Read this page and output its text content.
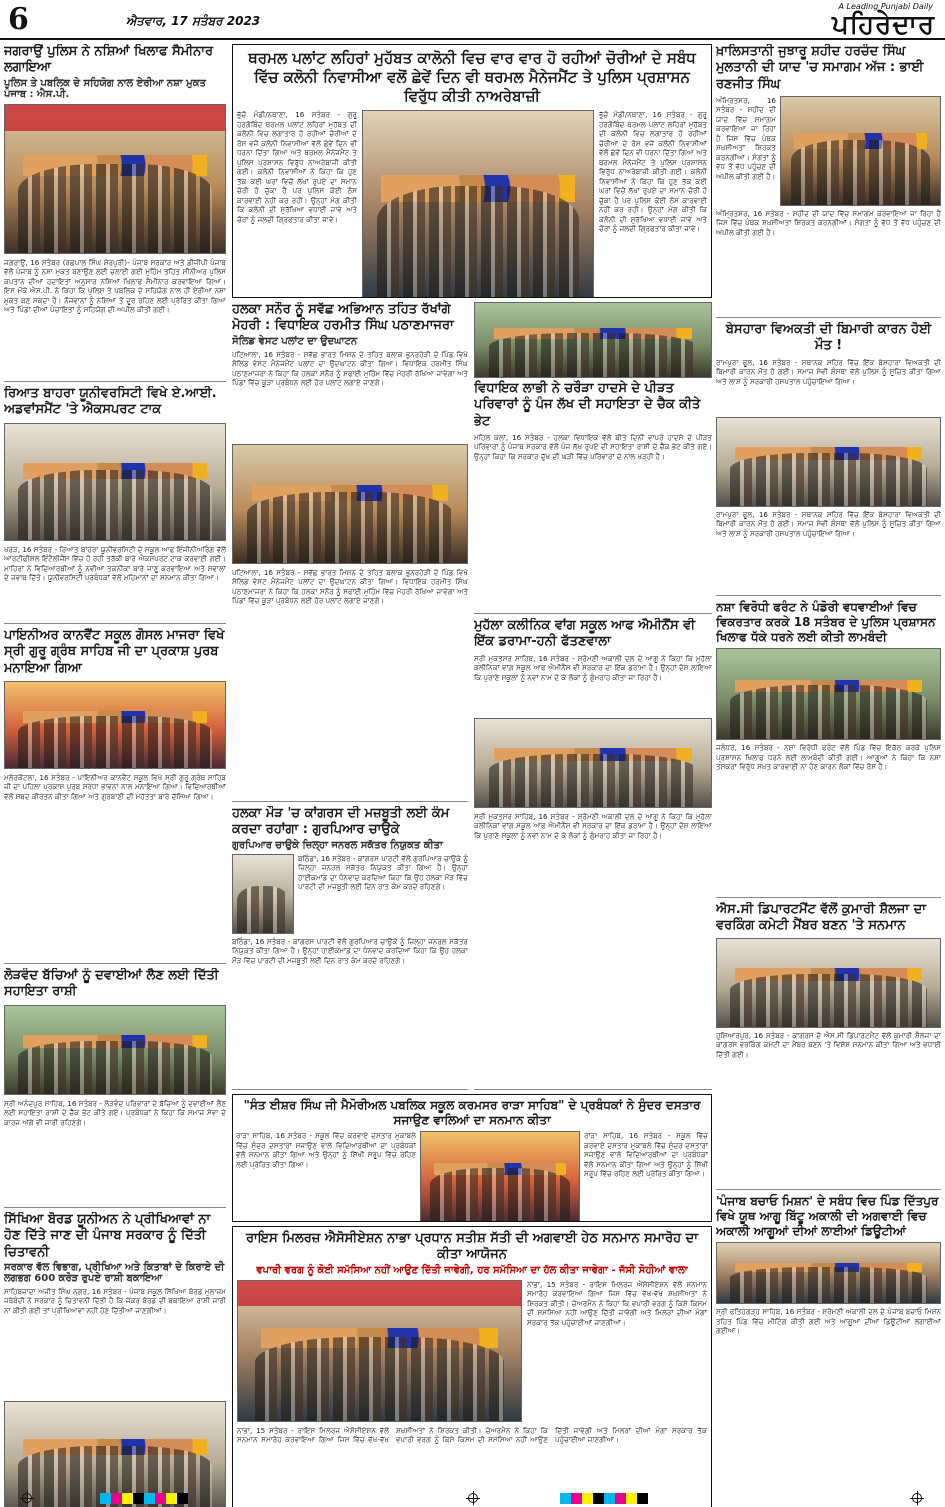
6	ਐਤਵਾਰ, 17 ਸਤੰਬਰ 2023
A Leading Punjabi Daily
ਪਹਿਰੇਦਾਰ
ਜਗਰਾਉਂ ਪੁਲਿਸ ਨੇ ਨਸ਼ਿਆਂ ਖਿਲਾਫ ਸੈਮੀਨਾਰ ਲਗਾਇਆ
ਪੁਲਿਸ ਤੇ ਪਬਲਿਕ ਦੇ ਸਹਿਯੋਗ ਨਾਲ ਏਰੀਆ ਨਸ਼ਾ ਮੁਕਤ ਪੰਜਾਬ : ਐਸ.ਪੀ.
ਜਗਰਾਉਂ, 16 ਸਤੰਬਰ (ਰਛਪਾਲ ਸਿੰਘ ਸ਼ੇਰਪੁਰੀ)- ਪੰਜਾਬ ਸਰਕਾਰ ਅਤੇ ਡੀਜੀਪੀ ਪੰਜਾਬ ਵੱਲੋਂ ਪੰਜਾਬ ਨੂੰ ਨਸ਼ਾ ਮੁਕਤ ਬਣਾਉਣ ਲਈ ਚਲਾਈ ਗਈ ਮੁਹਿੰਮ ਤਹਿਤ ਸੀਨੀਅਰ ਪੁਲਿਸ ਕਪਤਾਨ ਦੀਆਂ ਹਦਾਇਤਾਂ ਅਨੁਸਾਰ ਨਸ਼ਿਆਂ ਖਿਲਾਫ ਸੈਮੀਨਾਰ ਕਰਵਾਇਆ ਗਿਆ। ਇਸ ਮੌਕੇ ਐਸ.ਪੀ. ਨੇ ਕਿਹਾ ਕਿ ਪੁਲਿਸ ਤੇ ਪਬਲਿਕ ਦੇ ਸਹਿਯੋਗ ਨਾਲ ਹੀ ਏਰੀਆ ਨਸ਼ਾ ਮੁਕਤ ਬਣ ਸਕਦਾ ਹੈ। ਨੌਜਵਾਨਾਂ ਨੂੰ ਨਸ਼ਿਆਂ ਤੋਂ ਦੂਰ ਰਹਿਣ ਲਈ ਪ੍ਰੇਰਿਤ ਕੀਤਾ ਗਿਆ ਅਤੇ ਪਿੰਡਾਂ ਦੀਆਂ ਪੰਚਾਇਤਾਂ ਨੂੰ ਸਹਿਯੋਗ ਦੀ ਅਪੀਲ ਕੀਤੀ ਗਈ।
ਰਿਆਤ ਬਾਹਰਾ ਯੂਨੀਵਰਸਿਟੀ ਵਿਖੇ ਏ.ਆਈ. ਅਡਵਾਂਸਮੈਂਟ 'ਤੇ ਐਕਸਪਰਟ ਟਾਕ
ਖਰੜ, 16 ਸਤੰਬਰ - ਰਿਆਤ ਬਾਹਰਾ ਯੂਨੀਵਰਸਿਟੀ ਦੇ ਸਕੂਲ ਆਫ ਇੰਜੀਨੀਅਰਿੰਗ ਵੱਲੋਂ ਆਰਟੀਫੀਸ਼ਲ ਇੰਟੈਲੀਜੈਂਸ ਵਿੱਚ ਹੋ ਰਹੀ ਤਰੱਕੀ ਬਾਰੇ ਐਕਸਪਰਟ ਟਾਕ ਕਰਵਾਈ ਗਈ। ਮਾਹਿਰਾਂ ਨੇ ਵਿਦਿਆਰਥੀਆਂ ਨੂੰ ਨਵੀਆਂ ਤਕਨੀਕਾਂ ਬਾਰੇ ਜਾਣੂ ਕਰਵਾਇਆ ਅਤੇ ਸਵਾਲਾਂ ਦੇ ਜਵਾਬ ਦਿੱਤੇ। ਯੂਨੀਵਰਸਿਟੀ ਪ੍ਰਬੰਧਕਾਂ ਵੱਲੋਂ ਮਹਿਮਾਨਾਂ ਦਾ ਸਨਮਾਨ ਕੀਤਾ ਗਿਆ।
ਪਾਇਨੀਅਰ ਕਾਨਵੈਂਟ ਸਕੂਲ ਗੋਸਲ ਮਾਜਰਾ ਵਿਖੇ ਸ੍ਰੀ ਗੁਰੂ ਗ੍ਰੰਥ ਸਾਹਿਬ ਜੀ ਦਾ ਪ੍ਰਕਾਸ਼ ਪੁਰਬ ਮਨਾਇਆ ਗਿਆ
ਮਲੇਰਕੋਟਲਾ, 16 ਸਤੰਬਰ - ਪਾਇਨੀਅਰ ਕਾਨਵੈਂਟ ਸਕੂਲ ਵਿਖੇ ਸ੍ਰੀ ਗੁਰੂ ਗ੍ਰੰਥ ਸਾਹਿਬ ਜੀ ਦਾ ਪਹਿਲਾ ਪ੍ਰਕਾਸ਼ ਪੁਰਬ ਸ਼ਰਧਾ ਭਾਵਨਾ ਨਾਲ ਮਨਾਇਆ ਗਿਆ। ਵਿਦਿਆਰਥੀਆਂ ਵੱਲੋਂ ਸ਼ਬਦ ਕੀਰਤਨ ਕੀਤਾ ਗਿਆ ਅਤੇ ਗੁਰਬਾਣੀ ਦੀ ਮਹੱਤਤਾ ਬਾਰੇ ਦੱਸਿਆ ਗਿਆ।
ਲੋੜਵੰਦ ਬੱਚਿਆਂ ਨੂੰ ਦਵਾਈਆਂ ਲੈਣ ਲਈ ਦਿੱਤੀ ਸਹਾਇਤਾ ਰਾਸ਼ੀ
ਸ੍ਰੀ ਅਨੰਦਪੁਰ ਸਾਹਿਬ, 16 ਸਤੰਬਰ - ਲੋੜਵੰਦ ਪਰਿਵਾਰਾਂ ਦੇ ਬੱਚਿਆਂ ਨੂੰ ਦਵਾਈਆਂ ਲੈਣ ਲਈ ਸਹਾਇਤਾ ਰਾਸ਼ੀ ਦੇ ਚੈੱਕ ਭੇਟ ਕੀਤੇ ਗਏ। ਪ੍ਰਬੰਧਕਾਂ ਨੇ ਕਿਹਾ ਕਿ ਸਮਾਜ ਸੇਵਾ ਦੇ ਕਾਰਜ ਅੱਗੇ ਵੀ ਜਾਰੀ ਰਹਿਣਗੇ।
ਸਿੱਖਿਆ ਬੋਰਡ ਯੂਨੀਅਨ ਨੇ ਪ੍ਰੀਖਿਆਵਾਂ ਨਾ ਹੋਣ ਦਿੱਤੇ ਜਾਣ ਦੀ ਪੰਜਾਬ ਸਰਕਾਰ ਨੂੰ ਦਿੱਤੀ ਚਿਤਾਵਨੀ
ਸਰਕਾਰ ਵੱਲ ਵਿਭਾਗ, ਪ੍ਰੀਖਿਆ ਅਤੇ ਕਿਤਾਬਾਂ ਦੇ ਕਿਰਾਏ ਦੀ ਲਗਭਗ 600 ਕਰੋੜ ਰੁਪਏ ਰਾਸ਼ੀ ਬਕਾਇਆ
ਸਾਹਿਬਜ਼ਾਦਾ ਅਜੀਤ ਸਿੰਘ ਨਗਰ, 16 ਸਤੰਬਰ - ਪੰਜਾਬ ਸਕੂਲ ਸਿੱਖਿਆ ਬੋਰਡ ਮੁਲਾਜ਼ਮ ਜਥੇਬੰਦੀ ਨੇ ਸਰਕਾਰ ਨੂੰ ਚਿਤਾਵਨੀ ਦਿੱਤੀ ਹੈ ਕਿ ਜੇਕਰ ਬੋਰਡ ਦੀ ਬਕਾਇਆ ਰਾਸ਼ੀ ਜਾਰੀ ਨਾ ਕੀਤੀ ਗਈ ਤਾਂ ਪ੍ਰੀਖਿਆਵਾਂ ਨਹੀਂ ਹੋਣ ਦਿੱਤੀਆਂ ਜਾਣਗੀਆਂ।
ਥਰਮਲ ਪਲਾਂਟ ਲਹਿਰਾਂ ਮੁਹੱਬਤ ਕਾਲੋਨੀ ਵਿਚ ਵਾਰ ਵਾਰ ਹੋ ਰਹੀਆਂ ਚੋਰੀਆਂ ਦੇ ਸਬੰਧ ਵਿੱਚ ਕਲੋਨੀ ਨਿਵਾਸੀਆ ਵਲੋਂ ਛੇਵੇਂ ਦਿਨ ਵੀ ਥਰਮਲ ਮੈਨੇਜਮੈਂਟ ਤੇ ਪੁਲਿਸ ਪ੍ਰਸ਼ਾਸਨ ਵਿਰੁੱਧ ਕੀਤੀ ਨਾਅਰੇਬਾਜ਼ੀ
ਭੁੱਚੋ ਮੰਡੀ/ਨਥਾਣਾ, 16 ਸਤੰਬਰ - ਗੁਰੂ ਹਰਗੋਬਿੰਦ ਥਰਮਲ ਪਲਾਂਟ ਲਹਿਰਾਂ ਮੁਹੱਬਤ ਦੀ ਕਲੋਨੀ ਵਿਚ ਲਗਾਤਾਰ ਹੋ ਰਹੀਆਂ ਚੋਰੀਆਂ ਦੇ ਰੋਸ ਵਜੋਂ ਕਲੋਨੀ ਨਿਵਾਸੀਆਂ ਵੱਲੋਂ ਛੇਵੇਂ ਦਿਨ ਵੀ ਧਰਨਾ ਦਿੱਤਾ ਗਿਆ ਅਤੇ ਥਰਮਲ ਮੈਨੇਜਮੈਂਟ ਤੇ ਪੁਲਿਸ ਪ੍ਰਸ਼ਾਸਨ ਵਿਰੁੱਧ ਨਾਅਰੇਬਾਜ਼ੀ ਕੀਤੀ ਗਈ। ਕਲੋਨੀ ਨਿਵਾਸੀਆਂ ਨੇ ਕਿਹਾ ਕਿ ਹੁਣ ਤੱਕ ਕਈ ਘਰਾਂ ਵਿਚੋਂ ਲੱਖਾਂ ਰੁਪਏ ਦਾ ਸਮਾਨ ਚੋਰੀ ਹੋ ਚੁੱਕਾ ਹੈ ਪਰ ਪੁਲਿਸ ਕੋਈ ਠੋਸ ਕਾਰਵਾਈ ਨਹੀਂ ਕਰ ਰਹੀ। ਉਨ੍ਹਾਂ ਮੰਗ ਕੀਤੀ ਕਿ ਕਲੋਨੀ ਦੀ ਸੁਰੱਖਿਆ ਵਧਾਈ ਜਾਵੇ ਅਤੇ ਚੋਰਾਂ ਨੂੰ ਜਲਦੀ ਗ੍ਰਿਫਤਾਰ ਕੀਤਾ ਜਾਵੇ।
ਭੁੱਚੋ ਮੰਡੀ/ਨਥਾਣਾ, 16 ਸਤੰਬਰ - ਗੁਰੂ ਹਰਗੋਬਿੰਦ ਥਰਮਲ ਪਲਾਂਟ ਲਹਿਰਾਂ ਮੁਹੱਬਤ ਦੀ ਕਲੋਨੀ ਵਿਚ ਲਗਾਤਾਰ ਹੋ ਰਹੀਆਂ ਚੋਰੀਆਂ ਦੇ ਰੋਸ ਵਜੋਂ ਕਲੋਨੀ ਨਿਵਾਸੀਆਂ ਵੱਲੋਂ ਛੇਵੇਂ ਦਿਨ ਵੀ ਧਰਨਾ ਦਿੱਤਾ ਗਿਆ ਅਤੇ ਥਰਮਲ ਮੈਨੇਜਮੈਂਟ ਤੇ ਪੁਲਿਸ ਪ੍ਰਸ਼ਾਸਨ ਵਿਰੁੱਧ ਨਾਅਰੇਬਾਜ਼ੀ ਕੀਤੀ ਗਈ। ਕਲੋਨੀ ਨਿਵਾਸੀਆਂ ਨੇ ਕਿਹਾ ਕਿ ਹੁਣ ਤੱਕ ਕਈ ਘਰਾਂ ਵਿਚੋਂ ਲੱਖਾਂ ਰੁਪਏ ਦਾ ਸਮਾਨ ਚੋਰੀ ਹੋ ਚੁੱਕਾ ਹੈ ਪਰ ਪੁਲਿਸ ਕੋਈ ਠੋਸ ਕਾਰਵਾਈ ਨਹੀਂ ਕਰ ਰਹੀ। ਉਨ੍ਹਾਂ ਮੰਗ ਕੀਤੀ ਕਿ ਕਲੋਨੀ ਦੀ ਸੁਰੱਖਿਆ ਵਧਾਈ ਜਾਵੇ ਅਤੇ ਚੋਰਾਂ ਨੂੰ ਜਲਦੀ ਗ੍ਰਿਫਤਾਰ ਕੀਤਾ ਜਾਵੇ।
ਹਲਕਾ ਸਨੌਰ ਨੂੰ ਸਵੱਛ ਅਭਿਆਨ ਤਹਿਤ ਰੱਖਾਂਗੇ ਮੋਹਰੀ : ਵਿਧਾਇਕ ਹਰਮੀਤ ਸਿੰਘ ਪਠਾਣਮਾਜਰਾ
ਸੋਲਿਡ ਵੇਸਟ ਪਲਾਂਟ ਦਾ ਉਦਘਾਟਨ
ਪਟਿਆਲਾ, 16 ਸਤੰਬਰ - ਸਵੱਛ ਭਾਰਤ ਮਿਸ਼ਨ ਦੇ ਤਹਿਤ ਬਲਾਕ ਭੁਨਰਹੇੜੀ ਦੇ ਪਿੰਡ ਵਿਖੇ ਸੋਲਿਡ ਵੇਸਟ ਮੈਨੇਜਮੈਂਟ ਪਲਾਂਟ ਦਾ ਉਦਘਾਟਨ ਕੀਤਾ ਗਿਆ। ਵਿਧਾਇਕ ਹਰਮੀਤ ਸਿੰਘ ਪਠਾਣਮਾਜਰਾ ਨੇ ਕਿਹਾ ਕਿ ਹਲਕਾ ਸਨੌਰ ਨੂੰ ਸਫਾਈ ਮੁਹਿੰਮ ਵਿੱਚ ਮੋਹਰੀ ਰੱਖਿਆ ਜਾਵੇਗਾ ਅਤੇ ਪਿੰਡਾਂ ਵਿੱਚ ਕੂੜਾ ਪ੍ਰਬੰਧਨ ਲਈ ਹੋਰ ਪਲਾਂਟ ਲਗਾਏ ਜਾਣਗੇ।
ਪਟਿਆਲਾ, 16 ਸਤੰਬਰ - ਸਵੱਛ ਭਾਰਤ ਮਿਸ਼ਨ ਦੇ ਤਹਿਤ ਬਲਾਕ ਭੁਨਰਹੇੜੀ ਦੇ ਪਿੰਡ ਵਿਖੇ ਸੋਲਿਡ ਵੇਸਟ ਮੈਨੇਜਮੈਂਟ ਪਲਾਂਟ ਦਾ ਉਦਘਾਟਨ ਕੀਤਾ ਗਿਆ। ਵਿਧਾਇਕ ਹਰਮੀਤ ਸਿੰਘ ਪਠਾਣਮਾਜਰਾ ਨੇ ਕਿਹਾ ਕਿ ਹਲਕਾ ਸਨੌਰ ਨੂੰ ਸਫਾਈ ਮੁਹਿੰਮ ਵਿੱਚ ਮੋਹਰੀ ਰੱਖਿਆ ਜਾਵੇਗਾ ਅਤੇ ਪਿੰਡਾਂ ਵਿੱਚ ਕੂੜਾ ਪ੍ਰਬੰਧਨ ਲਈ ਹੋਰ ਪਲਾਂਟ ਲਗਾਏ ਜਾਣਗੇ।
ਵਿਧਾਇਕ ਲਾਭੀ ਨੇ ਚਰੌੜਾ ਹਾਦਸੇ ਦੇ ਪੀੜਤ ਪਰਿਵਾਰਾਂ ਨੂੰ ਪੰਜ ਲੱਖ ਦੀ ਸਹਾਇਤਾ ਦੇ ਚੈਕ ਕੀਤੇ ਭੇਟ
ਮਹਿਲ ਕਲਾਂ, 16 ਸਤੰਬਰ - ਹਲਕਾ ਵਿਧਾਇਕ ਵੱਲੋਂ ਬੀਤੇ ਦਿਨੀਂ ਵਾਪਰੇ ਹਾਦਸੇ ਦੇ ਪੀੜਤ ਪਰਿਵਾਰਾਂ ਨੂੰ ਪੰਜਾਬ ਸਰਕਾਰ ਵੱਲੋਂ ਪੰਜ ਲੱਖ ਰੁਪਏ ਦੀ ਸਹਾਇਤਾ ਰਾਸ਼ੀ ਦੇ ਚੈੱਕ ਭੇਟ ਕੀਤੇ ਗਏ। ਉਨ੍ਹਾਂ ਕਿਹਾ ਕਿ ਸਰਕਾਰ ਦੁੱਖ ਦੀ ਘੜੀ ਵਿੱਚ ਪਰਿਵਾਰਾਂ ਦੇ ਨਾਲ ਖੜ੍ਹੀ ਹੈ।
ਮੁਹੱਲਾ ਕਲੀਨਿਕ ਵਾਂਗ ਸਕੂਲ ਆਫ ਐਮੀਨੈਂਸ ਵੀ ਇੱਕ ਡਰਾਮਾ-ਹਨੀ ਫੱਤਣਵਾਲਾ
ਸ੍ਰੀ ਮੁਕਤਸਰ ਸਾਹਿਬ, 16 ਸਤੰਬਰ - ਸ਼੍ਰੋਮਣੀ ਅਕਾਲੀ ਦਲ ਦੇ ਆਗੂ ਨੇ ਕਿਹਾ ਕਿ ਮੁਹੱਲਾ ਕਲੀਨਿਕਾਂ ਵਾਂਗ ਸਕੂਲ ਆਫ ਐਮੀਨੈਂਸ ਵੀ ਸਰਕਾਰ ਦਾ ਇੱਕ ਡਰਾਮਾ ਹੈ। ਉਨ੍ਹਾਂ ਦੋਸ਼ ਲਾਇਆ ਕਿ ਪੁਰਾਣੇ ਸਕੂਲਾਂ ਨੂੰ ਨਵਾਂ ਨਾਮ ਦੇ ਕੇ ਲੋਕਾਂ ਨੂੰ ਗੁੰਮਰਾਹ ਕੀਤਾ ਜਾ ਰਿਹਾ ਹੈ।
ਸ੍ਰੀ ਮੁਕਤਸਰ ਸਾਹਿਬ, 16 ਸਤੰਬਰ - ਸ਼੍ਰੋਮਣੀ ਅਕਾਲੀ ਦਲ ਦੇ ਆਗੂ ਨੇ ਕਿਹਾ ਕਿ ਮੁਹੱਲਾ ਕਲੀਨਿਕਾਂ ਵਾਂਗ ਸਕੂਲ ਆਫ ਐਮੀਨੈਂਸ ਵੀ ਸਰਕਾਰ ਦਾ ਇੱਕ ਡਰਾਮਾ ਹੈ। ਉਨ੍ਹਾਂ ਦੋਸ਼ ਲਾਇਆ ਕਿ ਪੁਰਾਣੇ ਸਕੂਲਾਂ ਨੂੰ ਨਵਾਂ ਨਾਮ ਦੇ ਕੇ ਲੋਕਾਂ ਨੂੰ ਗੁੰਮਰਾਹ ਕੀਤਾ ਜਾ ਰਿਹਾ ਹੈ।
ਹਲਕਾ ਮੌੜ 'ਚ ਕਾਂਗਰਸ ਦੀ ਮਜ਼ਬੂਤੀ ਲਈ ਕੰਮ ਕਰਦਾ ਰਹਾਂਗਾ : ਗੁਰਪਿਆਰ ਚਾਉਕੇ
ਗੁਰਪਿਆਰ ਚਾਉਕੇ ਜ਼ਿਲ੍ਹਾ ਜਨਰਲ ਸਕੱਤਰ ਨਿਯੁਕਤ ਕੀਤਾ
ਬਠਿੰਡਾ, 16 ਸਤੰਬਰ - ਕਾਂਗਰਸ ਪਾਰਟੀ ਵੱਲੋਂ ਗੁਰਪਿਆਰ ਚਾਉਕੇ ਨੂੰ ਜ਼ਿਲ੍ਹਾ ਜਨਰਲ ਸਕੱਤਰ ਨਿਯੁਕਤ ਕੀਤਾ ਗਿਆ ਹੈ। ਉਨ੍ਹਾਂ ਹਾਈਕਮਾਂਡ ਦਾ ਧੰਨਵਾਦ ਕਰਦਿਆਂ ਕਿਹਾ ਕਿ ਉਹ ਹਲਕਾ ਮੌੜ ਵਿੱਚ ਪਾਰਟੀ ਦੀ ਮਜ਼ਬੂਤੀ ਲਈ ਦਿਨ ਰਾਤ ਕੰਮ ਕਰਦੇ ਰਹਿਣਗੇ।
ਬਠਿੰਡਾ, 16 ਸਤੰਬਰ - ਕਾਂਗਰਸ ਪਾਰਟੀ ਵੱਲੋਂ ਗੁਰਪਿਆਰ ਚਾਉਕੇ ਨੂੰ ਜ਼ਿਲ੍ਹਾ ਜਨਰਲ ਸਕੱਤਰ ਨਿਯੁਕਤ ਕੀਤਾ ਗਿਆ ਹੈ। ਉਨ੍ਹਾਂ ਹਾਈਕਮਾਂਡ ਦਾ ਧੰਨਵਾਦ ਕਰਦਿਆਂ ਕਿਹਾ ਕਿ ਉਹ ਹਲਕਾ ਮੌੜ ਵਿੱਚ ਪਾਰਟੀ ਦੀ ਮਜ਼ਬੂਤੀ ਲਈ ਦਿਨ ਰਾਤ ਕੰਮ ਕਰਦੇ ਰਹਿਣਗੇ।
"ਸੰਤ ਈਸ਼ਰ ਸਿੰਘ ਜੀ ਮੈਮੋਰੀਅਲ ਪਬਲਿਕ ਸਕੂਲ ਕਰਮਸਰ ਰਾੜਾ ਸਾਹਿਬ" ਦੇ ਪ੍ਰਬੰਧਕਾਂ ਨੇ ਸੁੰਦਰ ਦਸਤਾਰ ਸਜਾਉਣ ਵਾਲਿਆਂ ਦਾ ਸਨਮਾਨ ਕੀਤਾ
ਰਾੜਾ ਸਾਹਿਬ, 16 ਸਤੰਬਰ - ਸਕੂਲ ਵਿੱਚ ਕਰਵਾਏ ਦਸਤਾਰ ਮੁਕਾਬਲੇ ਵਿੱਚ ਸੁੰਦਰ ਦਸਤਾਰਾਂ ਸਜਾਉਣ ਵਾਲੇ ਵਿਦਿਆਰਥੀਆਂ ਦਾ ਪ੍ਰਬੰਧਕਾਂ ਵੱਲੋਂ ਸਨਮਾਨ ਕੀਤਾ ਗਿਆ ਅਤੇ ਉਨ੍ਹਾਂ ਨੂੰ ਸਿੱਖੀ ਸਰੂਪ ਵਿੱਚ ਰਹਿਣ ਲਈ ਪ੍ਰੇਰਿਤ ਕੀਤਾ ਗਿਆ।
ਰਾੜਾ ਸਾਹਿਬ, 16 ਸਤੰਬਰ - ਸਕੂਲ ਵਿੱਚ ਕਰਵਾਏ ਦਸਤਾਰ ਮੁਕਾਬਲੇ ਵਿੱਚ ਸੁੰਦਰ ਦਸਤਾਰਾਂ ਸਜਾਉਣ ਵਾਲੇ ਵਿਦਿਆਰਥੀਆਂ ਦਾ ਪ੍ਰਬੰਧਕਾਂ ਵੱਲੋਂ ਸਨਮਾਨ ਕੀਤਾ ਗਿਆ ਅਤੇ ਉਨ੍ਹਾਂ ਨੂੰ ਸਿੱਖੀ ਸਰੂਪ ਵਿੱਚ ਰਹਿਣ ਲਈ ਪ੍ਰੇਰਿਤ ਕੀਤਾ ਗਿਆ।
ਰਾਇਸ ਮਿਲਰਜ਼ ਐਸੋਸੀਏਸ਼ਨ ਨਾਭਾ ਪ੍ਰਧਾਨ ਸਤੀਸ਼ ਸੱਤੀ ਦੀ ਅਗਵਾਈ ਹੇਠ ਸਨਮਾਨ ਸਮਾਰੋਹ ਦਾ ਕੀਤਾ ਆਯੋਜਨ
ਵਪਾਰੀ ਵਰਗ ਨੂੰ ਕੋਈ ਸਮੱਸਿਆ ਨਹੀਂ ਆਉਣ ਦਿੱਤੀ ਜਾਵੇਗੀ, ਹਰ ਸਮੱਸਿਆ ਦਾ ਹੱਲ ਕੀਤਾ ਜਾਵੇਗਾ - ਜੱਸੀ ਸੋਹੀਆਂ ਵਾਲਾ
ਨਾਭਾ, 15 ਸਤੰਬਰ - ਰਾਇਸ ਮਿਲਰਜ਼ ਐਸੋਸੀਏਸ਼ਨ ਵੱਲੋਂ ਸਨਮਾਨ ਸਮਾਰੋਹ ਕਰਵਾਇਆ ਗਿਆ ਜਿਸ ਵਿੱਚ ਵੱਖ-ਵੱਖ ਸ਼ਖ਼ਸੀਅਤਾਂ ਨੇ ਸ਼ਿਰਕਤ ਕੀਤੀ। ਚੇਅਰਮੈਨ ਨੇ ਕਿਹਾ ਕਿ ਵਪਾਰੀ ਵਰਗ ਨੂੰ ਕਿਸੇ ਕਿਸਮ ਦੀ ਸਮੱਸਿਆ ਨਹੀਂ ਆਉਣ ਦਿੱਤੀ ਜਾਵੇਗੀ ਅਤੇ ਮਿਲਰਾਂ ਦੀਆਂ ਮੰਗਾਂ ਸਰਕਾਰ ਤੱਕ ਪਹੁੰਚਾਈਆਂ ਜਾਣਗੀਆਂ।
ਨਾਭਾ, 15 ਸਤੰਬਰ - ਰਾਇਸ ਮਿਲਰਜ਼ ਐਸੋਸੀਏਸ਼ਨ ਵੱਲੋਂ ਸਨਮਾਨ ਸਮਾਰੋਹ ਕਰਵਾਇਆ ਗਿਆ ਜਿਸ ਵਿੱਚ ਵੱਖ-ਵੱਖ ਸ਼ਖ਼ਸੀਅਤਾਂ ਨੇ ਸ਼ਿਰਕਤ ਕੀਤੀ। ਚੇਅਰਮੈਨ ਨੇ ਕਿਹਾ ਕਿ ਵਪਾਰੀ ਵਰਗ ਨੂੰ ਕਿਸੇ ਕਿਸਮ ਦੀ ਸਮੱਸਿਆ ਨਹੀਂ ਆਉਣ ਦਿੱਤੀ ਜਾਵੇਗੀ ਅਤੇ ਮਿਲਰਾਂ ਦੀਆਂ ਮੰਗਾਂ ਸਰਕਾਰ ਤੱਕ ਪਹੁੰਚਾਈਆਂ ਜਾਣਗੀਆਂ।
ਖ਼ਾਲਿਸਤਾਨੀ ਜੁਝਾਰੂ ਸ਼ਹੀਦ ਹਰਚੰਦ ਸਿੰਘ ਮੁਲਤਾਨੀ ਦੀ ਯਾਦ 'ਚ ਸਮਾਗਮ ਅੱਜ : ਭਾਈ ਰਣਜੀਤ ਸਿੰਘ
ਅੰਮ੍ਰਿਤਸਰ, 16 ਸਤੰਬਰ - ਸ਼ਹੀਦ ਦੀ ਯਾਦ ਵਿੱਚ ਸਮਾਗਮ ਕਰਵਾਇਆ ਜਾ ਰਿਹਾ ਹੈ ਜਿਸ ਵਿੱਚ ਪੰਥਕ ਸ਼ਖ਼ਸੀਅਤਾਂ ਸ਼ਿਰਕਤ ਕਰਨਗੀਆਂ। ਸੰਗਤਾਂ ਨੂੰ ਵੱਧ ਤੋਂ ਵੱਧ ਪਹੁੰਚਣ ਦੀ ਅਪੀਲ ਕੀਤੀ ਗਈ ਹੈ।
ਅੰਮ੍ਰਿਤਸਰ, 16 ਸਤੰਬਰ - ਸ਼ਹੀਦ ਦੀ ਯਾਦ ਵਿੱਚ ਸਮਾਗਮ ਕਰਵਾਇਆ ਜਾ ਰਿਹਾ ਹੈ ਜਿਸ ਵਿੱਚ ਪੰਥਕ ਸ਼ਖ਼ਸੀਅਤਾਂ ਸ਼ਿਰਕਤ ਕਰਨਗੀਆਂ। ਸੰਗਤਾਂ ਨੂੰ ਵੱਧ ਤੋਂ ਵੱਧ ਪਹੁੰਚਣ ਦੀ ਅਪੀਲ ਕੀਤੀ ਗਈ ਹੈ।
ਬੇਸਹਾਰਾ ਵਿਅਕਤੀ ਦੀ ਬਿਮਾਰੀ ਕਾਰਨ ਹੋਈ ਮੌਤ !
ਰਾਮਪੁਰਾ ਫੂਲ, 16 ਸਤੰਬਰ - ਸਥਾਨਕ ਸ਼ਹਿਰ ਵਿੱਚ ਇੱਕ ਬੇਸਹਾਰਾ ਵਿਅਕਤੀ ਦੀ ਬਿਮਾਰੀ ਕਾਰਨ ਮੌਤ ਹੋ ਗਈ। ਸਮਾਜ ਸੇਵੀ ਸੰਸਥਾ ਵੱਲੋਂ ਪੁਲਿਸ ਨੂੰ ਸੂਚਿਤ ਕੀਤਾ ਗਿਆ ਅਤੇ ਲਾਸ਼ ਨੂੰ ਸਰਕਾਰੀ ਹਸਪਤਾਲ ਪਹੁੰਚਾਇਆ ਗਿਆ।
ਰਾਮਪੁਰਾ ਫੂਲ, 16 ਸਤੰਬਰ - ਸਥਾਨਕ ਸ਼ਹਿਰ ਵਿੱਚ ਇੱਕ ਬੇਸਹਾਰਾ ਵਿਅਕਤੀ ਦੀ ਬਿਮਾਰੀ ਕਾਰਨ ਮੌਤ ਹੋ ਗਈ। ਸਮਾਜ ਸੇਵੀ ਸੰਸਥਾ ਵੱਲੋਂ ਪੁਲਿਸ ਨੂੰ ਸੂਚਿਤ ਕੀਤਾ ਗਿਆ ਅਤੇ ਲਾਸ਼ ਨੂੰ ਸਰਕਾਰੀ ਹਸਪਤਾਲ ਪਹੁੰਚਾਇਆ ਗਿਆ।
ਨਸ਼ਾ ਵਿਰੋਧੀ ਫਰੰਟ ਨੇ ਪੰਡੋਰੀ ਵਧਵਾਈਆਂ ਵਿਚ ਵਿਕਰਤਾਰ ਕਰਕੇ 18 ਸਤੰਬਰ ਦੇ ਪੁਲਿਸ ਪ੍ਰਸ਼ਾਸਨ ਖਿਲਾਫ ਧੱਕੇ ਧਰਨੇ ਲਈ ਕੀਤੀ ਲਾਮਬੰਦੀ
ਜਲੰਧਰ, 16 ਸਤੰਬਰ - ਨਸ਼ਾ ਵਿਰੋਧੀ ਫਰੰਟ ਵੱਲੋਂ ਪਿੰਡ ਵਿੱਚ ਇਕੱਠ ਕਰਕੇ ਪੁਲਿਸ ਪ੍ਰਸ਼ਾਸਨ ਖਿਲਾਫ ਧਰਨੇ ਲਈ ਲਾਮਬੰਦੀ ਕੀਤੀ ਗਈ। ਆਗੂਆਂ ਨੇ ਕਿਹਾ ਕਿ ਨਸ਼ਾ ਤਸਕਰਾਂ ਵਿਰੁੱਧ ਸਖ਼ਤ ਕਾਰਵਾਈ ਨਾ ਹੋਣ ਕਾਰਨ ਲੋਕਾਂ ਵਿੱਚ ਰੋਸ ਹੈ।
ਐਸ.ਸੀ ਡਿਪਾਰਟਮੈਂਟ ਵੱਲੋਂ ਕੁਮਾਰੀ ਸ਼ੈਲਜਾ ਦਾ ਵਰਕਿੰਗ ਕਮੇਟੀ ਮੈਂਬਰ ਬਣਨ 'ਤੇ ਸਨਮਾਨ
ਹੁਸ਼ਿਆਰਪੁਰ, 16 ਸਤੰਬਰ - ਕਾਂਗਰਸ ਦੇ ਐਸ.ਸੀ ਡਿਪਾਰਟਮੈਂਟ ਵੱਲੋਂ ਕੁਮਾਰੀ ਸ਼ੈਲਜਾ ਦਾ ਕਾਂਗਰਸ ਵਰਕਿੰਗ ਕਮੇਟੀ ਦਾ ਮੈਂਬਰ ਬਣਨ 'ਤੇ ਵਿਸ਼ੇਸ਼ ਸਨਮਾਨ ਕੀਤਾ ਗਿਆ ਅਤੇ ਵਧਾਈ ਦਿੱਤੀ ਗਈ।
'ਪੰਜਾਬ ਬਚਾਓ ਮਿਸ਼ਨ' ਦੇ ਸਬੰਧ ਵਿਚ ਪਿੰਡ ਦਿੱਤਪੁਰ ਵਿਖੇ ਯੂਥ ਆਗੂ ਬਿੱਟੂ ਅਕਾਲੀ ਦੀ ਅਗਵਾਈ ਵਿਚ ਅਕਾਲੀ ਆਗੂਆਂ ਦੀਆਂ ਲਾਈਆਂ ਡਿਊਟੀਆਂ
ਸ੍ਰੀ ਫਤਿਹਗੜ੍ਹ ਸਾਹਿਬ, 16 ਸਤੰਬਰ - ਸ਼੍ਰੋਮਣੀ ਅਕਾਲੀ ਦਲ ਦੇ ਪੰਜਾਬ ਬਚਾਓ ਮਿਸ਼ਨ ਤਹਿਤ ਪਿੰਡ ਵਿੱਚ ਮੀਟਿੰਗ ਕੀਤੀ ਗਈ ਅਤੇ ਆਗੂਆਂ ਦੀਆਂ ਡਿਊਟੀਆਂ ਲਗਾਈਆਂ ਗਈਆਂ।
